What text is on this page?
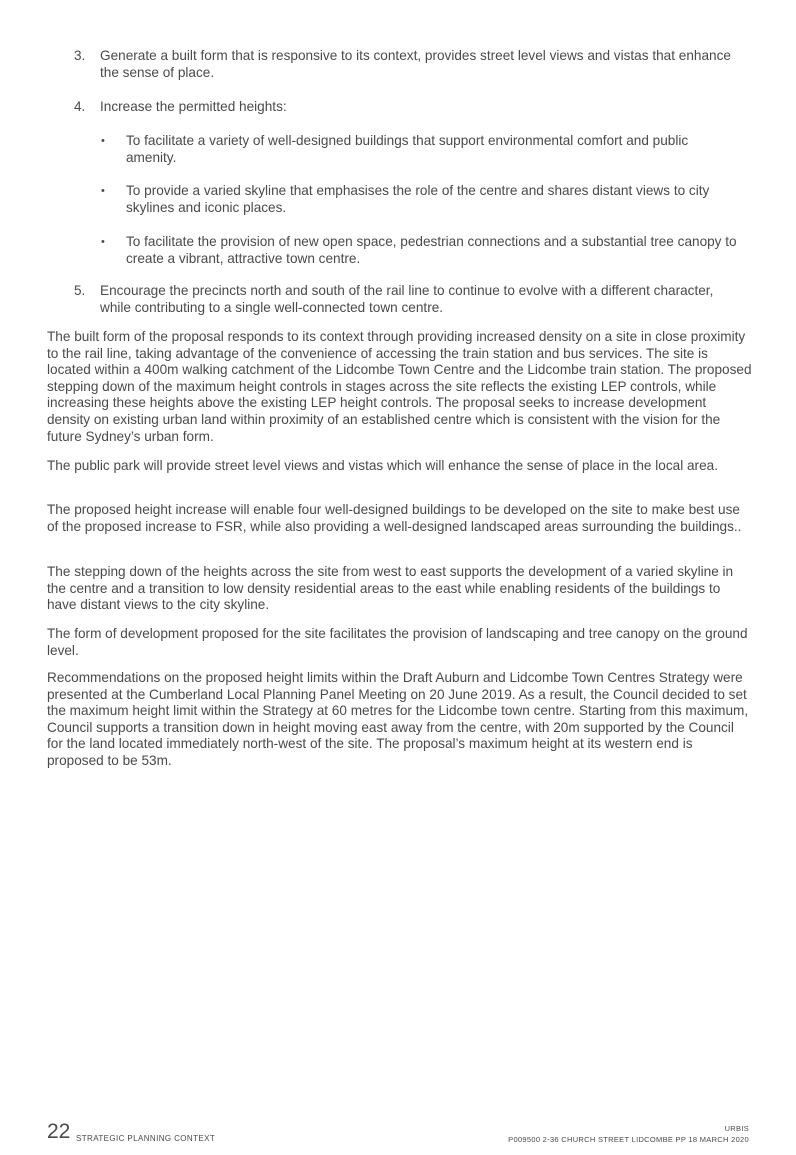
3. Generate a built form that is responsive to its context, provides street level views and vistas that enhance the sense of place.
4. Increase the permitted heights:
• To facilitate a variety of well-designed buildings that support environmental comfort and public amenity.
• To provide a varied skyline that emphasises the role of the centre and shares distant views to city skylines and iconic places.
• To facilitate the provision of new open space, pedestrian connections and a substantial tree canopy to create a vibrant, attractive town centre.
5. Encourage the precincts north and south of the rail line to continue to evolve with a different character, while contributing to a single well-connected town centre.

The built form of the proposal responds to its context through providing increased density on a site in close proximity to the rail line, taking advantage of the convenience of accessing the train station and bus services. The site is located within a 400m walking catchment of the Lidcombe Town Centre and the Lidcombe train station. The proposed stepping down of the maximum height controls in stages across the site reflects the existing LEP controls, while increasing these heights above the existing LEP height controls. The proposal seeks to increase development density on existing urban land within proximity of an established centre which is consistent with the vision for the future Sydney’s urban form.

The public park will provide street level views and vistas which will enhance the sense of place in the local area.

The proposed height increase will enable four well-designed buildings to be developed on the site to make best use of the proposed increase to FSR, while also providing a well-designed landscaped areas surrounding the buildings..

The stepping down of the heights across the site from west to east supports the development of a varied skyline in the centre and a transition to low density residential areas to the east while enabling residents of the buildings to have distant views to the city skyline.

The form of development proposed for the site facilitates the provision of landscaping and tree canopy on the ground level.

Recommendations on the proposed height limits within the Draft Auburn and Lidcombe Town Centres Strategy were presented at the Cumberland Local Planning Panel Meeting on 20 June 2019. As a result, the Council decided to set the maximum height limit within the Strategy at 60 metres for the Lidcombe town centre. Starting from this maximum, Council supports a transition down in height moving east away from the centre, with 20m supported by the Council for the land located immediately north-west of the site. The proposal’s maximum height at its western end is proposed to be 53m.

22 STRATEGIC PLANNING CONTEXT
URBIS
P009500 2-36 CHURCH STREET LIDCOMBE PP 18 MARCH 2020
